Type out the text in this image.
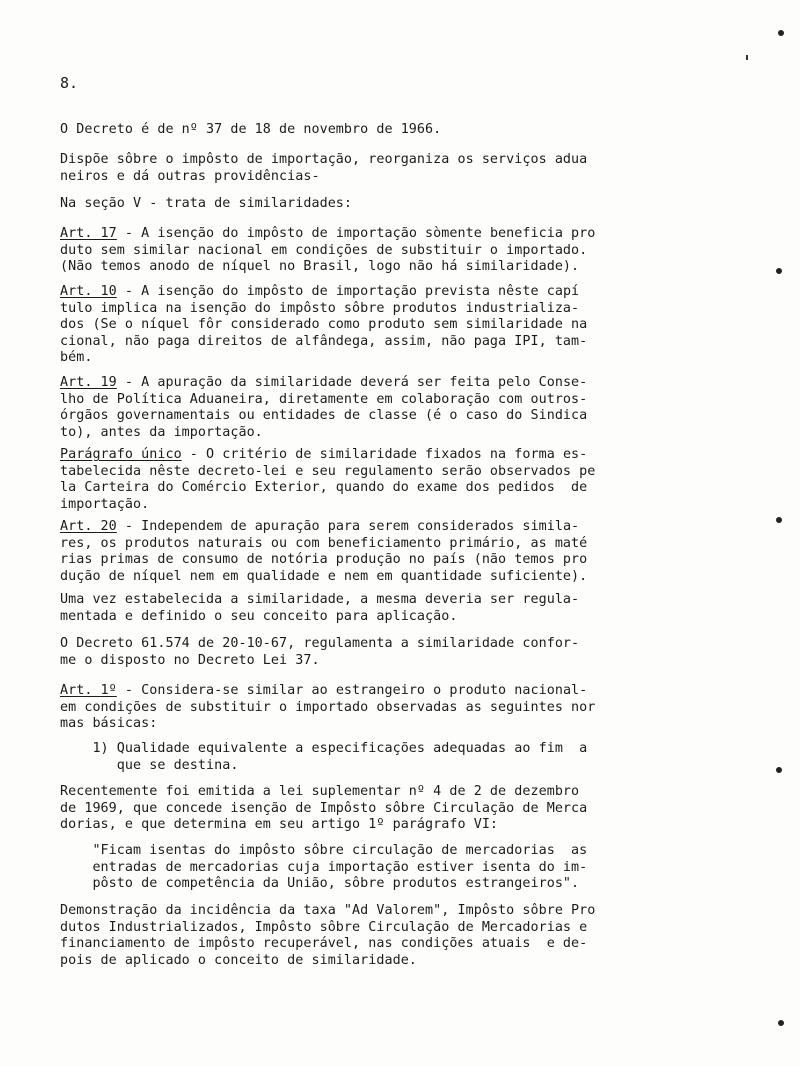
8.
O Decreto é de nº 37 de 18 de novembro de 1966.
Dispõe sôbre o impôsto de importação, reorganiza os serviços adua
neiros e dá outras providências-
Na seção V - trata de similaridades:
Art. 17 - A isenção do impôsto de importação sòmente beneficia pro
duto sem similar nacional em condições de substituir o importado.
(Não temos anodo de níquel no Brasil, logo não há similaridade).
Art. 10 - A isenção do impôsto de importação prevista nêste capí
tulo implica na isenção do impôsto sôbre produtos industrializa-
dos (Se o níquel fôr considerado como produto sem similaridade na
cional, não paga direitos de alfândega, assim, não paga IPI, tam-
bém.
Art. 19 - A apuração da similaridade deverá ser feita pelo Conse-
lho de Política Aduaneira, diretamente em colaboração com outros-
órgãos governamentais ou entidades de classe (é o caso do Sindica
to), antes da importação.
Parágrafo único - O critério de similaridade fixados na forma es-
tabelecida nêste decreto-lei e seu regulamento serão observados pe
la Carteira do Comércio Exterior, quando do exame dos pedidos  de
importação.
Art. 20 - Independem de apuração para serem considerados simila-
res, os produtos naturais ou com beneficiamento primário, as maté
rias primas de consumo de notória produção no país (não temos pro
dução de níquel nem em qualidade e nem em quantidade suficiente).
Uma vez estabelecida a similaridade, a mesma deveria ser regula-
mentada e definido o seu conceito para aplicação.
O Decreto 61.574 de 20-10-67, regulamenta a similaridade confor-
me o disposto no Decreto Lei 37.
Art. 1º - Considera-se similar ao estrangeiro o produto nacional-
em condições de substituir o importado observadas as seguintes nor
mas básicas:
1) Qualidade equivalente a especificações adequadas ao fim  a
que se destina.
Recentemente foi emitida a lei suplementar nº 4 de 2 de dezembro
de 1969, que concede isenção de Impôsto sôbre Circulação de Merca
dorias, e que determina em seu artigo 1º parágrafo VI:
"Ficam isentas do impôsto sôbre circulação de mercadorias  as
entradas de mercadorias cuja importação estiver isenta do im-
pôsto de competência da União, sôbre produtos estrangeiros".
Demonstração da incidência da taxa "Ad Valorem", Impôsto sôbre Pro
dutos Industrializados, Impôsto sôbre Circulação de Mercadorias e
financiamento de impôsto recuperável, nas condições atuais  e de-
pois de aplicado o conceito de similaridade.
